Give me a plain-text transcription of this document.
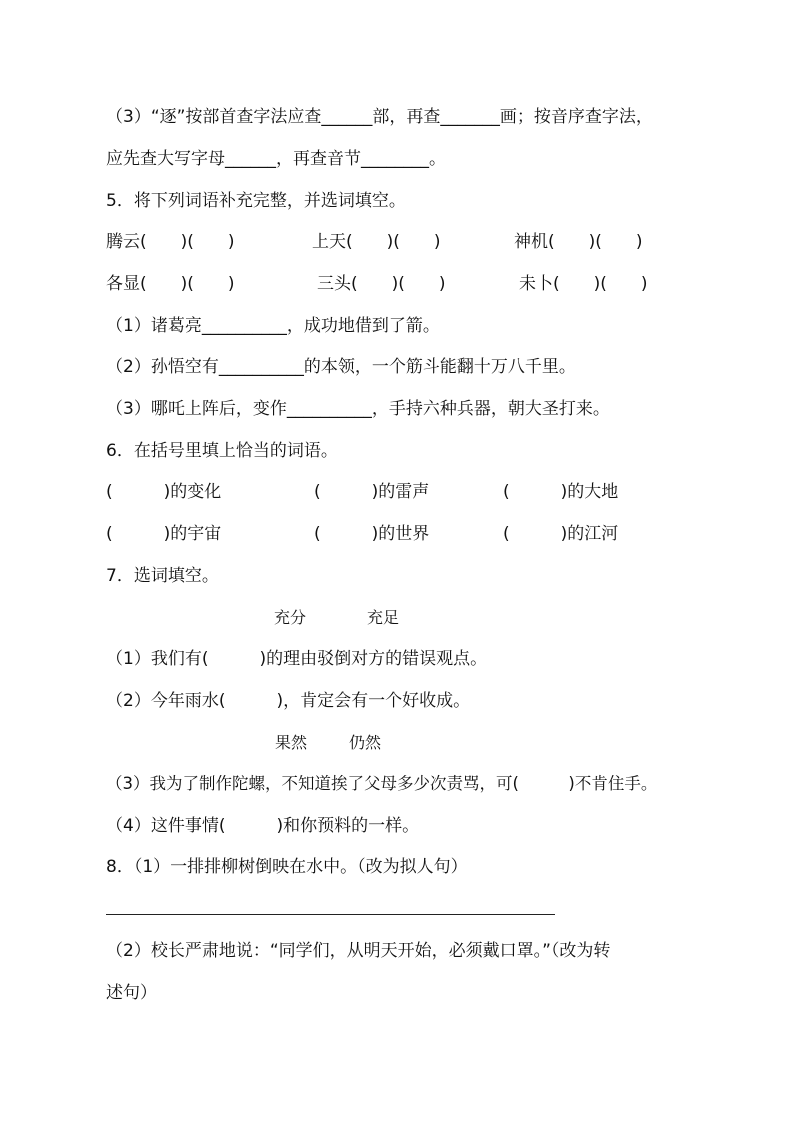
（3）“逐”按部首查字法应查______部，再查_______画；按音序查字法，
应先查大写字母______，再查音节________。
5．将下列词语补充完整，并选词填空。
腾云(　　)(　　)	上天(　　)(　　)	神机(　　)(　　)
各显(　　)(　　)	三头(　　)(　　)	未卜(　　)(　　)
（1）诸葛亮__________，成功地借到了箭。
（2）孙悟空有__________的本领，一个筋斗能翻十万八千里。
（3）哪吒上阵后，变作__________，手持六种兵器，朝大圣打来。
6．在括号里填上恰当的词语。
(　　　)的变化	(　　　)的雷声	(　　　)的大地
(　　　)的宇宙	(　　　)的世界	(　　　)的江河
7．选词填空。
充分	充足
（1）我们有(　　　)的理由驳倒对方的错误观点。
（2）今年雨水(　　　)，肯定会有一个好收成。
果然	仍然
（3）我为了制作陀螺，不知道挨了父母多少次责骂，可(　　　)不肯住手。
（4）这件事情(　　　)和你预料的一样。
8．（1）一排排柳树倒映在水中。（改为拟人句）
（2）校长严肃地说：“同学们，从明天开始，必须戴口罩。”（改为转
述句）
